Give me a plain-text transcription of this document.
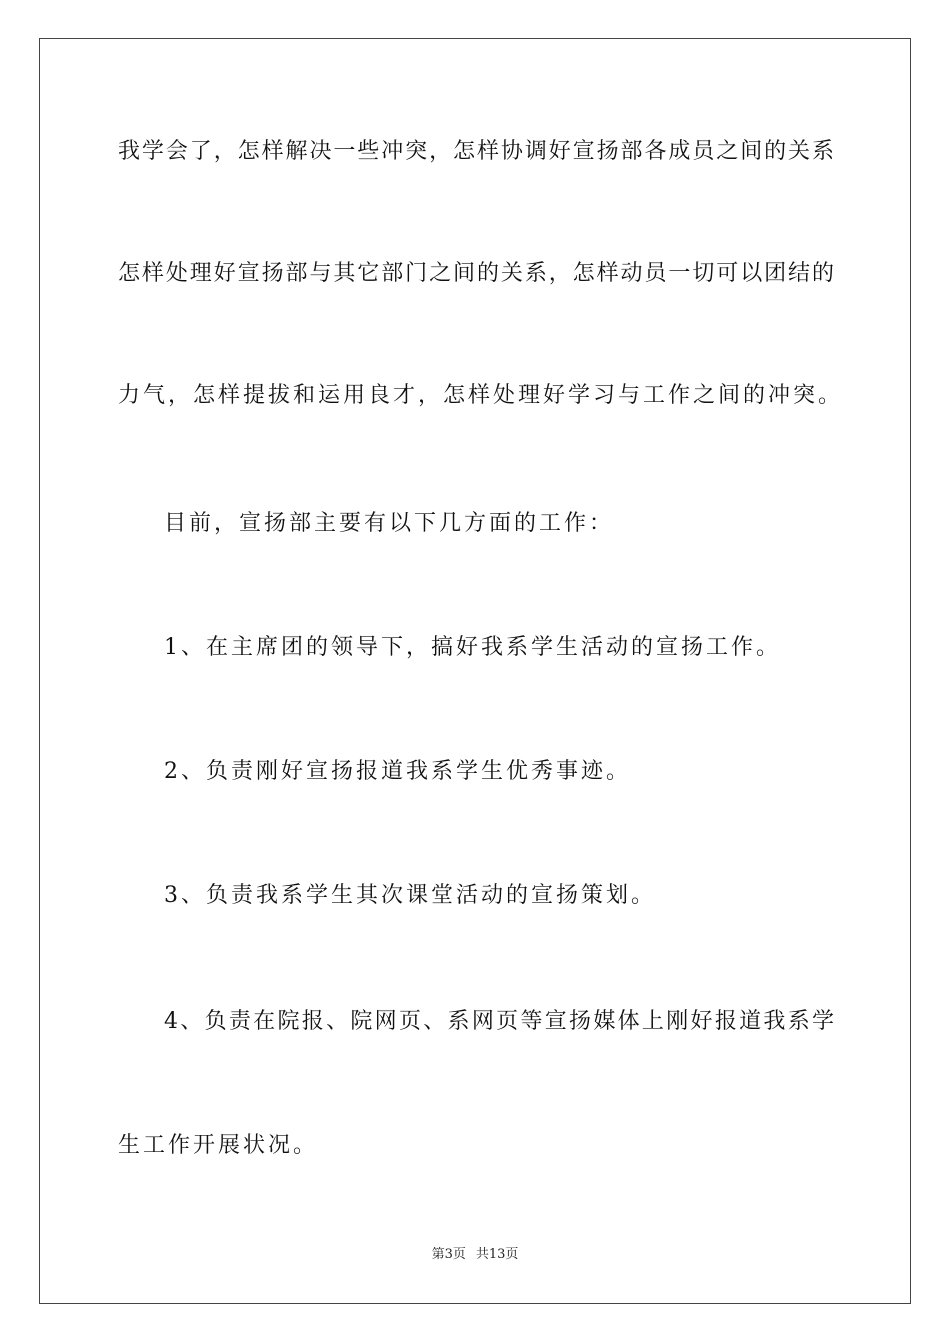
我学会了，怎样解决一些冲突，怎样协调好宣扬部各成员之间的关系
怎样处理好宣扬部与其它部门之间的关系，怎样动员一切可以团结的
力气，怎样提拔和运用良才，怎样处理好学习与工作之间的冲突。
目前，宣扬部主要有以下几方面的工作：
1、在主席团的领导下，搞好我系学生活动的宣扬工作。
2、负责刚好宣扬报道我系学生优秀事迹。
3、负责我系学生其次课堂活动的宣扬策划。
4、负责在院报、院网页、系网页等宣扬媒体上刚好报道我系学
生工作开展状况。
第3页 共13页
